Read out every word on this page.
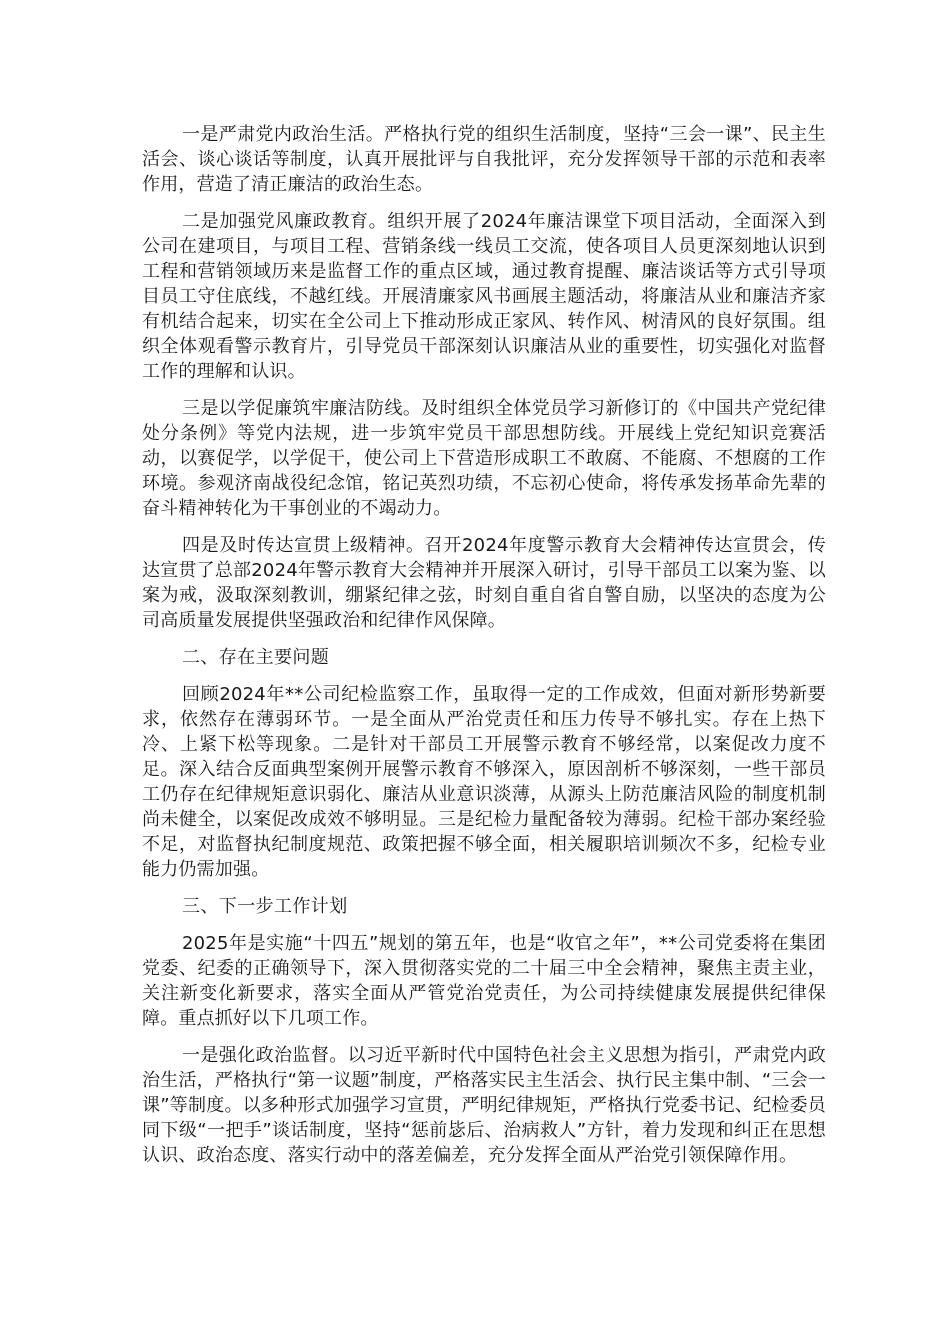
一是严肃党内政治生活。严格执行党的组织生活制度，坚持“三会一课”、民主生活会、谈心谈话等制度，认真开展批评与自我批评，充分发挥领导干部的示范和表率作用，营造了清正廉洁的政治生态。

二是加强党风廉政教育。组织开展了2024年廉洁课堂下项目活动，全面深入到公司在建项目，与项目工程、营销条线一线员工交流，使各项目人员更深刻地认识到工程和营销领域历来是监督工作的重点区域，通过教育提醒、廉洁谈话等方式引导项目员工守住底线，不越红线。开展清廉家风书画展主题活动，将廉洁从业和廉洁齐家有机结合起来，切实在全公司上下推动形成正家风、转作风、树清风的良好氛围。组织全体观看警示教育片，引导党员干部深刻认识廉洁从业的重要性，切实强化对监督工作的理解和认识。

三是以学促廉筑牢廉洁防线。及时组织全体党员学习新修订的《中国共产党纪律处分条例》等党内法规，进一步筑牢党员干部思想防线。开展线上党纪知识竞赛活动，以赛促学，以学促干，使公司上下营造形成职工不敢腐、不能腐、不想腐的工作环境。参观济南战役纪念馆，铭记英烈功绩，不忘初心使命，将传承发扬革命先辈的奋斗精神转化为干事创业的不竭动力。

四是及时传达宣贯上级精神。召开2024年度警示教育大会精神传达宣贯会，传达宣贯了总部2024年警示教育大会精神并开展深入研讨，引导干部员工以案为鉴、以案为戒，汲取深刻教训，绷紧纪律之弦，时刻自重自省自警自励，以坚决的态度为公司高质量发展提供坚强政治和纪律作风保障。

二、存在主要问题

回顾2024年**公司纪检监察工作，虽取得一定的工作成效，但面对新形势新要求，依然存在薄弱环节。一是全面从严治党责任和压力传导不够扎实。存在上热下冷、上紧下松等现象。二是针对干部员工开展警示教育不够经常，以案促改力度不足。深入结合反面典型案例开展警示教育不够深入，原因剖析不够深刻，一些干部员工仍存在纪律规矩意识弱化、廉洁从业意识淡薄，从源头上防范廉洁风险的制度机制尚未健全，以案促改成效不够明显。三是纪检力量配备较为薄弱。纪检干部办案经验不足，对监督执纪制度规范、政策把握不够全面，相关履职培训频次不多，纪检专业能力仍需加强。

三、下一步工作计划

2025年是实施“十四五”规划的第五年，也是“收官之年”，**公司党委将在集团党委、纪委的正确领导下，深入贯彻落实党的二十届三中全会精神，聚焦主责主业，关注新变化新要求，落实全面从严管党治党责任，为公司持续健康发展提供纪律保障。重点抓好以下几项工作。

一是强化政治监督。以习近平新时代中国特色社会主义思想为指引，严肃党内政治生活，严格执行“第一议题”制度，严格落实民主生活会、执行民主集中制、“三会一课”等制度。以多种形式加强学习宣贯，严明纪律规矩，严格执行党委书记、纪检委员同下级“一把手”谈话制度，坚持“惩前毖后、治病救人”方针，着力发现和纠正在思想认识、政治态度、落实行动中的落差偏差，充分发挥全面从严治党引领保障作用。
